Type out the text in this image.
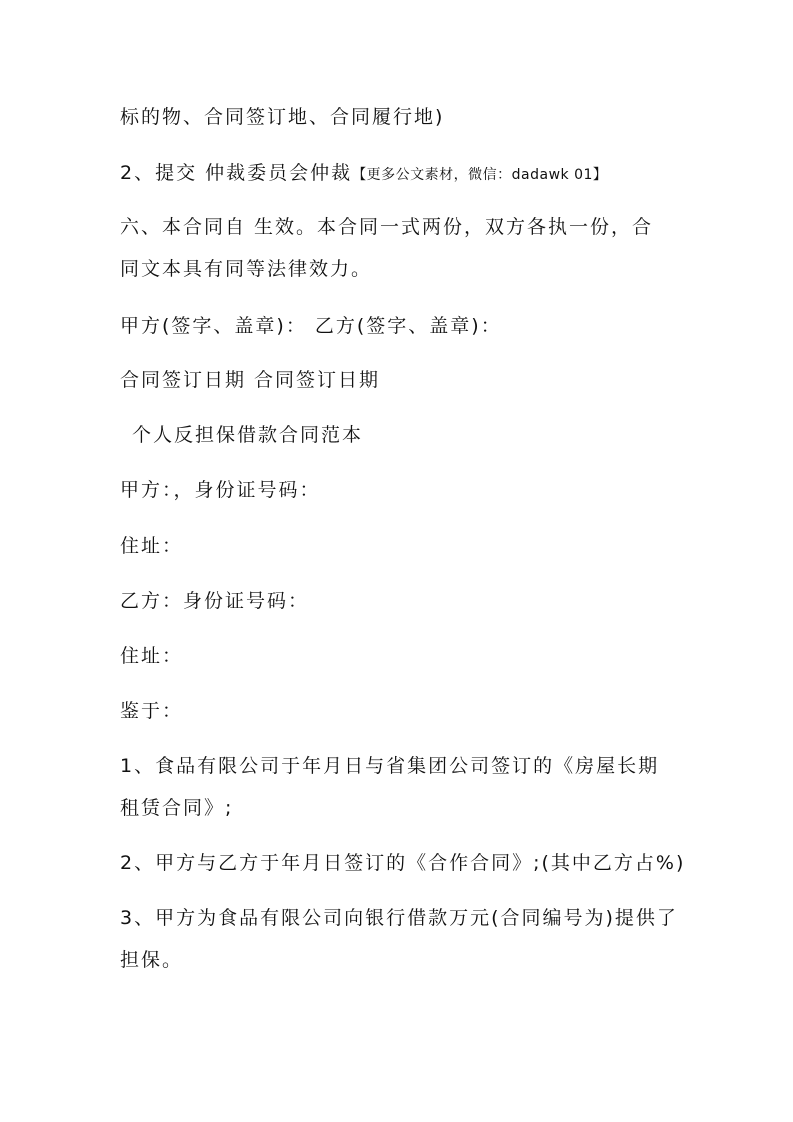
标的物、合同签订地、合同履行地)
2、提交 仲裁委员会仲裁【更多公文素材，微信：dadawk 01】
六、本合同自 生效。本合同一式两份，双方各执一份，合
同文本具有同等法律效力。
甲方(签字、盖章)： 乙方(签字、盖章)：
合同签订日期 合同签订日期
个人反担保借款合同范本
甲方：，身份证号码：
住址：
乙方：身份证号码：
住址：
鉴于：
1、食品有限公司于年月日与省集团公司签订的《房屋长期
租赁合同》;
2、甲方与乙方于年月日签订的《合作合同》;(其中乙方占%)
3、甲方为食品有限公司向银行借款万元(合同编号为)提供了
担保。
